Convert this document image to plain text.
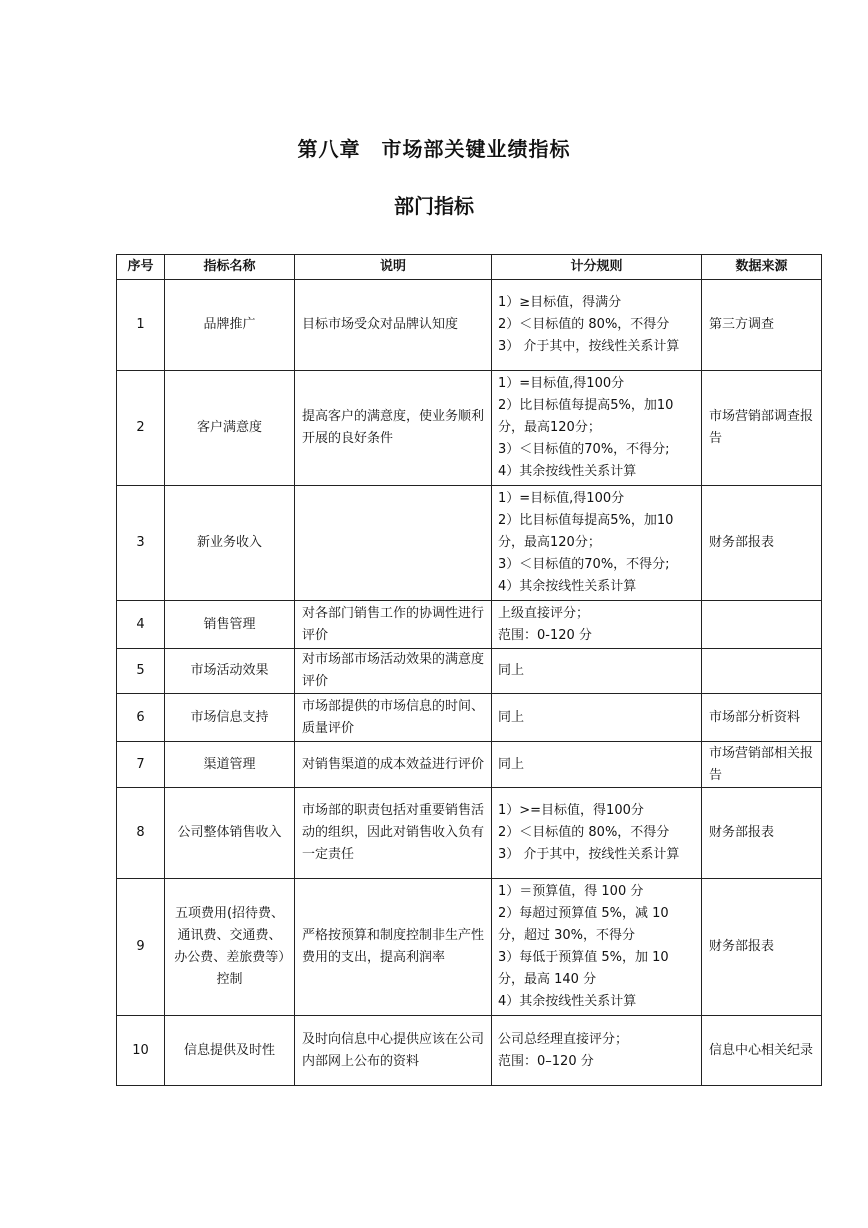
第八章　市场部关键业绩指标
部门指标
序号	指标名称	说明	计分规则	数据来源
1	品牌推广	目标市场受众对品牌认知度	1）≥目标值，得满分
2）＜目标值的 80%，不得分
3） 介于其中，按线性关系计算	第三方调查
2	客户满意度	提高客户的满意度，使业务顺利开展的良好条件	1）=目标值,得100分
2）比目标值每提高5%，加10分，最高120分；
3）＜目标值的70%，不得分;
4）其余按线性关系计算	市场营销部调查报告
3	新业务收入		1）=目标值,得100分
2）比目标值每提高5%，加10分，最高120分；
3）＜目标值的70%，不得分;
4）其余按线性关系计算	财务部报表
4	销售管理	对各部门销售工作的协调性进行评价	上级直接评分；
范围：0-120 分	
5	市场活动效果	对市场部市场活动效果的满意度评价	同上	
6	市场信息支持	市场部提供的市场信息的时间、质量评价	同上	市场部分析资料
7	渠道管理	对销售渠道的成本效益进行评价	同上	市场营销部相关报告
8	公司整体销售收入	市场部的职责包括对重要销售活动的组织，因此对销售收入负有一定责任	1）>=目标值，得100分
2）＜目标值的 80%，不得分
3） 介于其中，按线性关系计算	财务部报表
9	五项费用(招待费、通讯费、交通费、办公费、差旅费等）控制	严格按预算和制度控制非生产性费用的支出，提高利润率	1）＝预算值，得 100 分
2）每超过预算值 5%，减 10 分，超过 30%，不得分
3）每低于预算值 5%，加 10 分，最高 140 分
4）其余按线性关系计算	财务部报表
10	信息提供及时性	及时向信息中心提供应该在公司内部网上公布的资料	公司总经理直接评分；
范围：0–120 分	信息中心相关纪录
